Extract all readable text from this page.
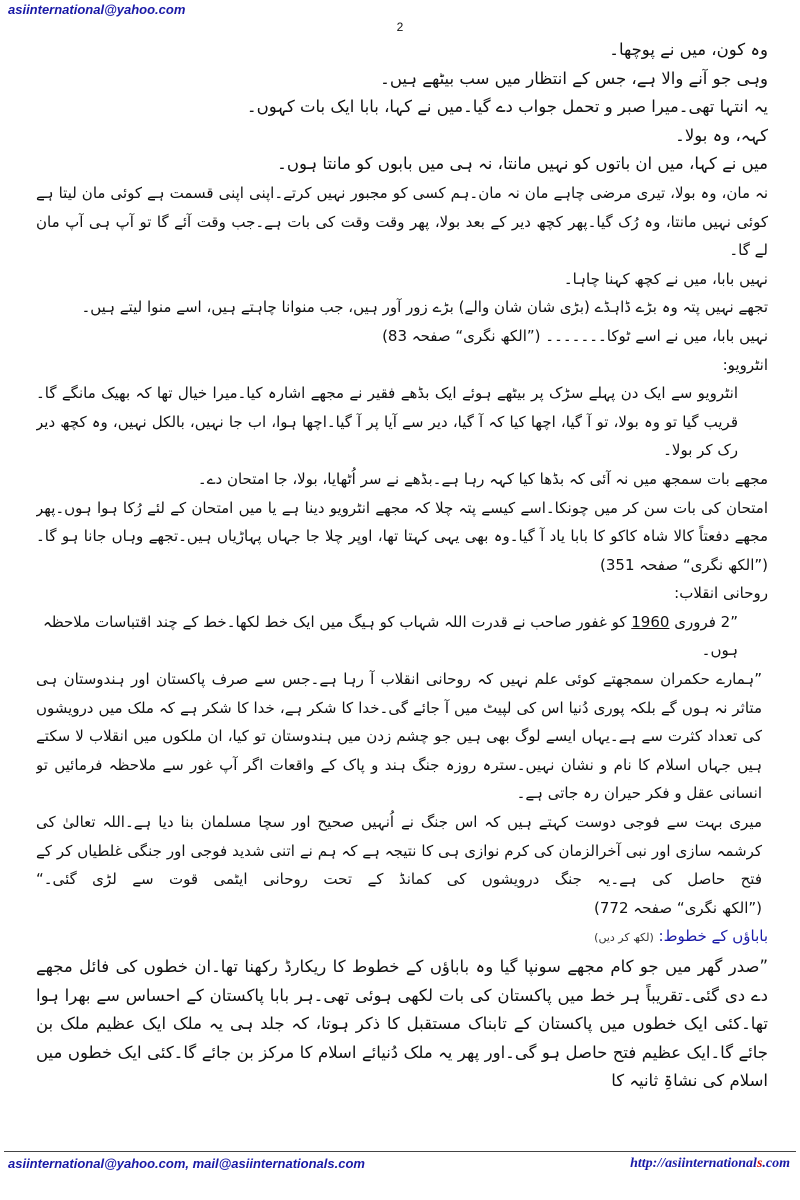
asiinternational@yahoo.com
2

وہ کون، میں نے پوچھا۔

وہی جو آنے والا ہے، جس کے انتظار میں سب بیٹھے ہیں۔

یہ انتہا تھی۔میرا صبر و تحمل جواب دے گیا۔میں نے کہا، بابا ایک بات کہوں۔

کہہ، وہ بولا۔

میں نے کہا، میں ان باتوں کو نہیں مانتا، نہ ہی میں بابوں کو مانتا ہوں۔

نہ مان، وہ بولا، تیری مرضی چاہے مان نہ مان۔ہم کسی کو مجبور نہیں کرتے۔اپنی اپنی قسمت ہے کوئی مان لیتا ہے کوئی نہیں مانتا، وہ رُک گیا۔پھر کچھ دیر کے بعد بولا، پھر وقت وقت کی بات ہے۔جب وقت آئے گا تو آپ ہی آپ مان لے گا۔

نہیں بابا، میں نے کچھ کہنا چاہا۔

تجھے نہیں پتہ وہ بڑے ڈاہڈے (بڑی شان شان والے) بڑے زور آور ہیں، جب منوانا چاہتے ہیں، اسے منوا لیتے ہیں۔

نہیں بابا، میں نے اسے ٹوکا۔۔۔۔۔۔۔ (”الکھ نگری“ صفحہ 83)

انٹرویو:

انٹرویو سے ایک دن پہلے سڑک پر بیٹھے ہوئے ایک بڈھے فقیر نے مجھے اشارہ کیا۔میرا خیال تھا کہ بھیک مانگے گا۔قریب گیا تو وہ بولا، تو آ گیا، اچھا کیا کہ آ گیا، دیر سے آیا پر آ گیا۔اچھا ہوا، اب جا نہیں، بالکل نہیں، وہ کچھ دیر رک کر بولا۔

مجھے بات سمجھ میں نہ آئی کہ بڈھا کیا کہہ رہا ہے۔بڈھے نے سر اُٹھایا، بولا، جا امتحان دے۔

امتحان کی بات سن کر میں چونکا۔اسے کیسے پتہ چلا کہ مجھے انٹرویو دینا ہے یا میں امتحان کے لئے رُکا ہوا ہوں۔پھر مجھے دفعتاً کالا شاہ کاکو کا بابا یاد آ گیا۔وہ بھی یہی کہتا تھا، اوپر چلا جا جہاں پہاڑیاں ہیں۔تجھے وہاں جانا ہو گا۔ (”الکھ نگری“ صفحہ 351)

روحانی انقلاب:

”2 فروری 1960 کو غفور صاحب نے قدرت اللہ شہاب کو ہیگ میں ایک خط لکھا۔خط کے چند اقتباسات ملاحظہ ہوں۔

”ہمارے حکمران سمجھتے کوئی علم نہیں کہ روحانی انقلاب آ رہا ہے۔جس سے صرف پاکستان اور ہندوستان ہی متاثر نہ ہوں گے بلکہ پوری دُنیا اس کی لپیٹ میں آ جائے گی۔خدا کا شکر ہے، خدا کا شکر ہے کہ ملک میں درویشوں کی تعداد کثرت سے ہے۔یہاں ایسے لوگ بھی ہیں جو چشم زدن میں ہندوستان تو کیا، ان ملکوں میں انقلاب لا سکتے ہیں جہاں اسلام کا نام و نشان نہیں۔سترہ روزہ جنگ ہند و پاک کے واقعات اگر آپ غور سے ملاحظہ فرمائیں تو انسانی عقل و فکر حیران رہ جاتی ہے۔

میری بہت سے فوجی دوست کہتے ہیں کہ اس جنگ نے اُنہیں صحیح اور سچا مسلمان بنا دیا ہے۔اللہ تعالیٰ کی کرشمہ سازی اور نبی آخرالزمان کی کرم نوازی ہی کا نتیجہ ہے کہ ہم نے اتنی شدید فوجی اور جنگی غلطیاں کر کے فتح حاصل کی ہے۔یہ جنگ درویشوں کی کمانڈ کے تحت روحانی ایٹمی قوت سے لڑی گئی۔“ (”الکھ نگری“ صفحہ 772)

باباؤں کے خطوط: (لکھ کر دیں)

”صدر گھر میں جو کام مجھے سونپا گیا وہ باباؤں کے خطوط کا ریکارڈ رکھنا تھا۔ان خطوں کی فائل مجھے دے دی گئی۔تقریباً ہر خط میں پاکستان کی بات لکھی ہوئی تھی۔ہر بابا پاکستان کے احساس سے بھرا ہوا تھا۔کئی ایک خطوں میں پاکستان کے تابناک مستقبل کا ذکر ہوتا، کہ جلد ہی یہ ملک ایک عظیم ملک بن جائے گا۔ایک عظیم فتح حاصل ہو گی۔اور پھر یہ ملک دُنیائے اسلام کا مرکز بن جائے گا۔کئی ایک خطوں میں اسلام کی نشاۃِ ثانیہ کا

asiinternational@yahoo.com, mail@asiinternationals.com	http://asiinternationals.com
